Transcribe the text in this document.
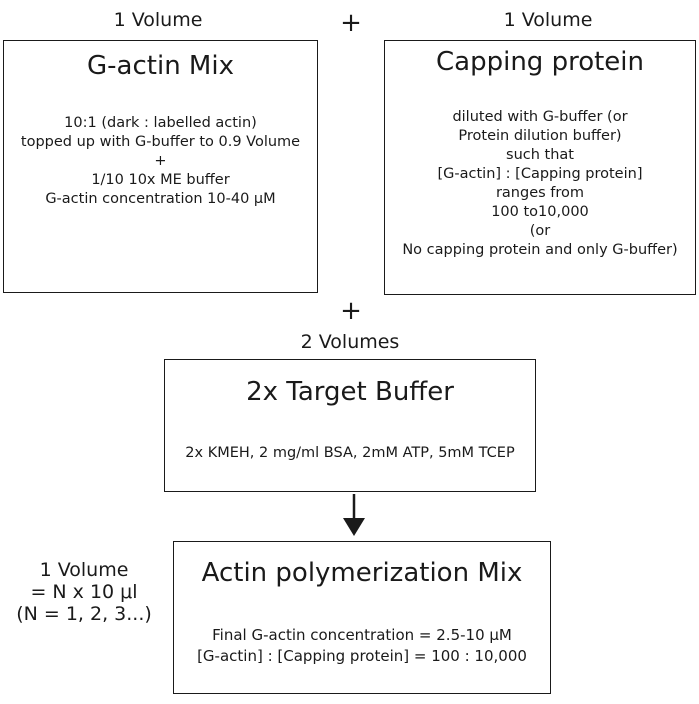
1 Volume	+	1 Volume
G-actin Mix
10:1 (dark : labelled actin)
topped up with G-buffer to 0.9 Volume
+
1/10 10x ME buffer
G-actin concentration 10-40 μM
Capping protein
diluted with G-buffer (or
Protein dilution buffer)
such that
[G-actin] : [Capping protein]
ranges from
100 to10,000
(or
No capping protein and only G-buffer)
+
2 Volumes
2x Target Buffer
2x KMEH, 2 mg/ml BSA, 2mM ATP, 5mM TCEP
1 Volume
= N x 10 μl
(N = 1, 2, 3...)
Actin polymerization Mix
Final G-actin concentration = 2.5-10 μM
[G-actin] : [Capping protein] = 100 : 10,000
